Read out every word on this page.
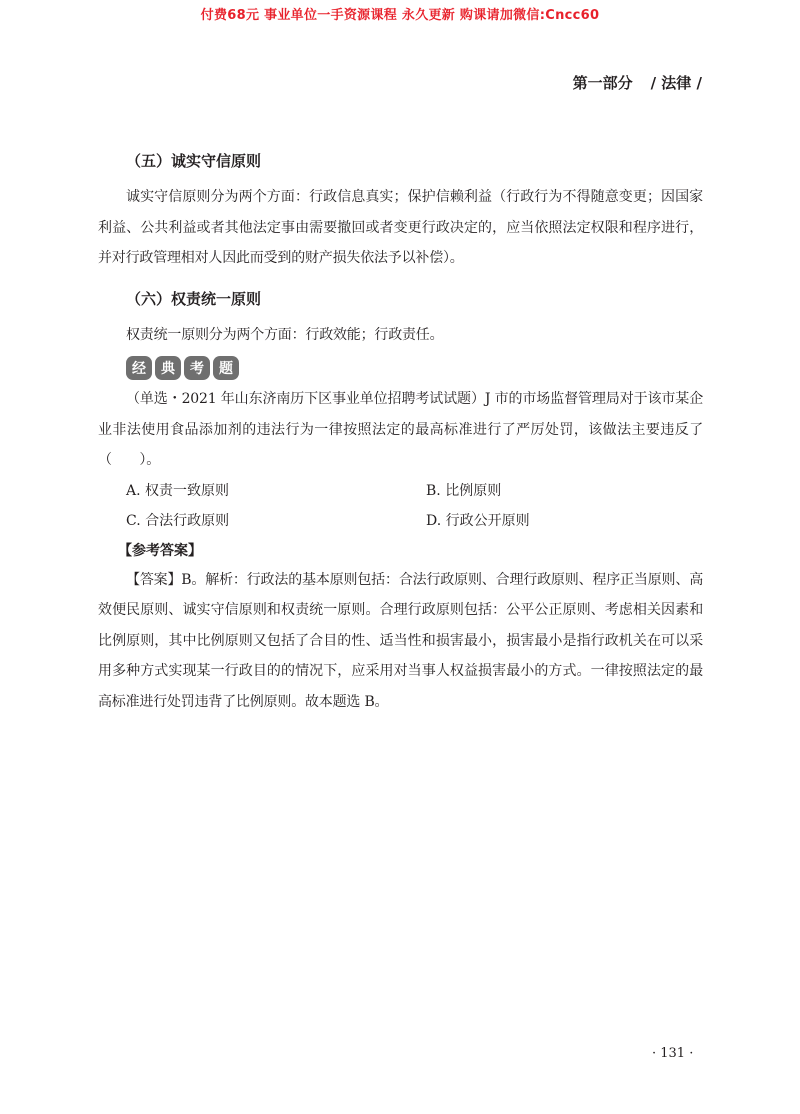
付费68元 事业单位一手资源课程 永久更新 购课请加微信:Cncc60
第一部分 / 法律 /
（五）诚实守信原则

诚实守信原则分为两个方面：行政信息真实；保护信赖利益（行政行为不得随意变更；因国家利益、公共利益或者其他法定事由需要撤回或者变更行政决定的，应当依照法定权限和程序进行，并对行政管理相对人因此而受到的财产损失依法予以补偿）。

（六）权责统一原则

权责统一原则分为两个方面：行政效能；行政责任。

经	典	考	题

（单选・2021 年山东济南历下区事业单位招聘考试试题）J 市的市场监督管理局对于该市某企业非法使用食品添加剂的违法行为一律按照法定的最高标准进行了严厉处罚，该做法主要违反了（　　）。

A. 权责一致原则	B. 比例原则
C. 合法行政原则	D. 行政公开原则
【参考答案】

【答案】B。解析：行政法的基本原则包括：合法行政原则、合理行政原则、程序正当原则、高效便民原则、诚实守信原则和权责统一原则。合理行政原则包括：公平公正原则、考虑相关因素和比例原则，其中比例原则又包括了合目的性、适当性和损害最小，损害最小是指行政机关在可以采用多种方式实现某一行政目的的情况下，应采用对当事人权益损害最小的方式。一律按照法定的最高标准进行处罚违背了比例原则。故本题选 B。

· 131 ·
